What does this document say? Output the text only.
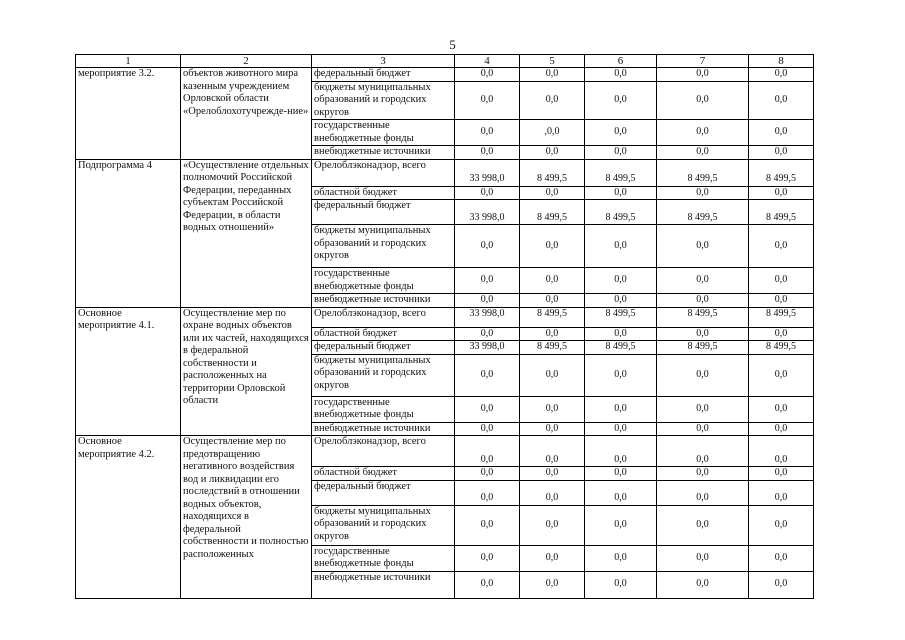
5
1	2	3	4	5	6	7	8
мероприятие 3.2.	объектов животного мира казенным учреждением Орловской области «Орелоблохотучрежде-ние»	федеральный бюджет	0,0	0,0	0,0	0,0	0,0
		бюджеты муниципальных образований и городских округов	0,0	0,0	0,0	0,0	0,0
		государственные внебюджетные фонды	0,0	,0,0	0,0	0,0	0,0
		внебюджетные источники	0,0	0,0	0,0	0,0	0,0
Подпрограмма 4	«Осуществление отдельных полномочий Российской Федерации, переданных субъектам Российской Федерации, в области водных отношений»	Орелоблэконадзор, всего	33 998,0	8 499,5	8 499,5	8 499,5	8 499,5
		областной бюджет	0,0	0,0	0,0	0,0	0,0
		федеральный бюджет	33 998,0	8 499,5	8 499,5	8 499,5	8 499,5
		бюджеты муниципальных образований и городских округов	0,0	0,0	0,0	0,0	0,0
		государственные внебюджетные фонды	0,0	0,0	0,0	0,0	0,0
		внебюджетные источники	0,0	0,0	0,0	0,0	0,0
Основное мероприятие 4.1.	Осуществление мер по охране водных объектов или их частей, находящихся в федеральной собственности и расположенных на территории Орловской области	Орелоблэконадзор, всего	33 998,0	8 499,5	8 499,5	8 499,5	8 499,5
		областной бюджет	0,0	0,0	0,0	0,0	0,0
		федеральный бюджет	33 998,0	8 499,5	8 499,5	8 499,5	8 499,5
		бюджеты муниципальных образований и городских округов	0,0	0,0	0,0	0,0	0,0
		государственные внебюджетные фонды	0,0	0,0	0,0	0,0	0,0
		внебюджетные источники	0,0	0,0	0,0	0,0	0,0
Основное мероприятие 4.2.	Осуществление мер по предотвращению негативного воздействия вод и ликвидации его последствий в отношении водных объектов, находящихся в федеральной собственности и полностью расположенных	Орелоблэконадзор, всего	0,0	0,0	0,0	0,0	0,0
		областной бюджет	0,0	0,0	0,0	0,0	0,0
		федеральный бюджет	0,0	0,0	0,0	0,0	0,0
		бюджеты муниципальных образований и городских округов	0,0	0,0	0,0	0,0	0,0
		государственные внебюджетные фонды	0,0	0,0	0,0	0,0	0,0
		внебюджетные источники	0,0	0,0	0,0	0,0	0,0
